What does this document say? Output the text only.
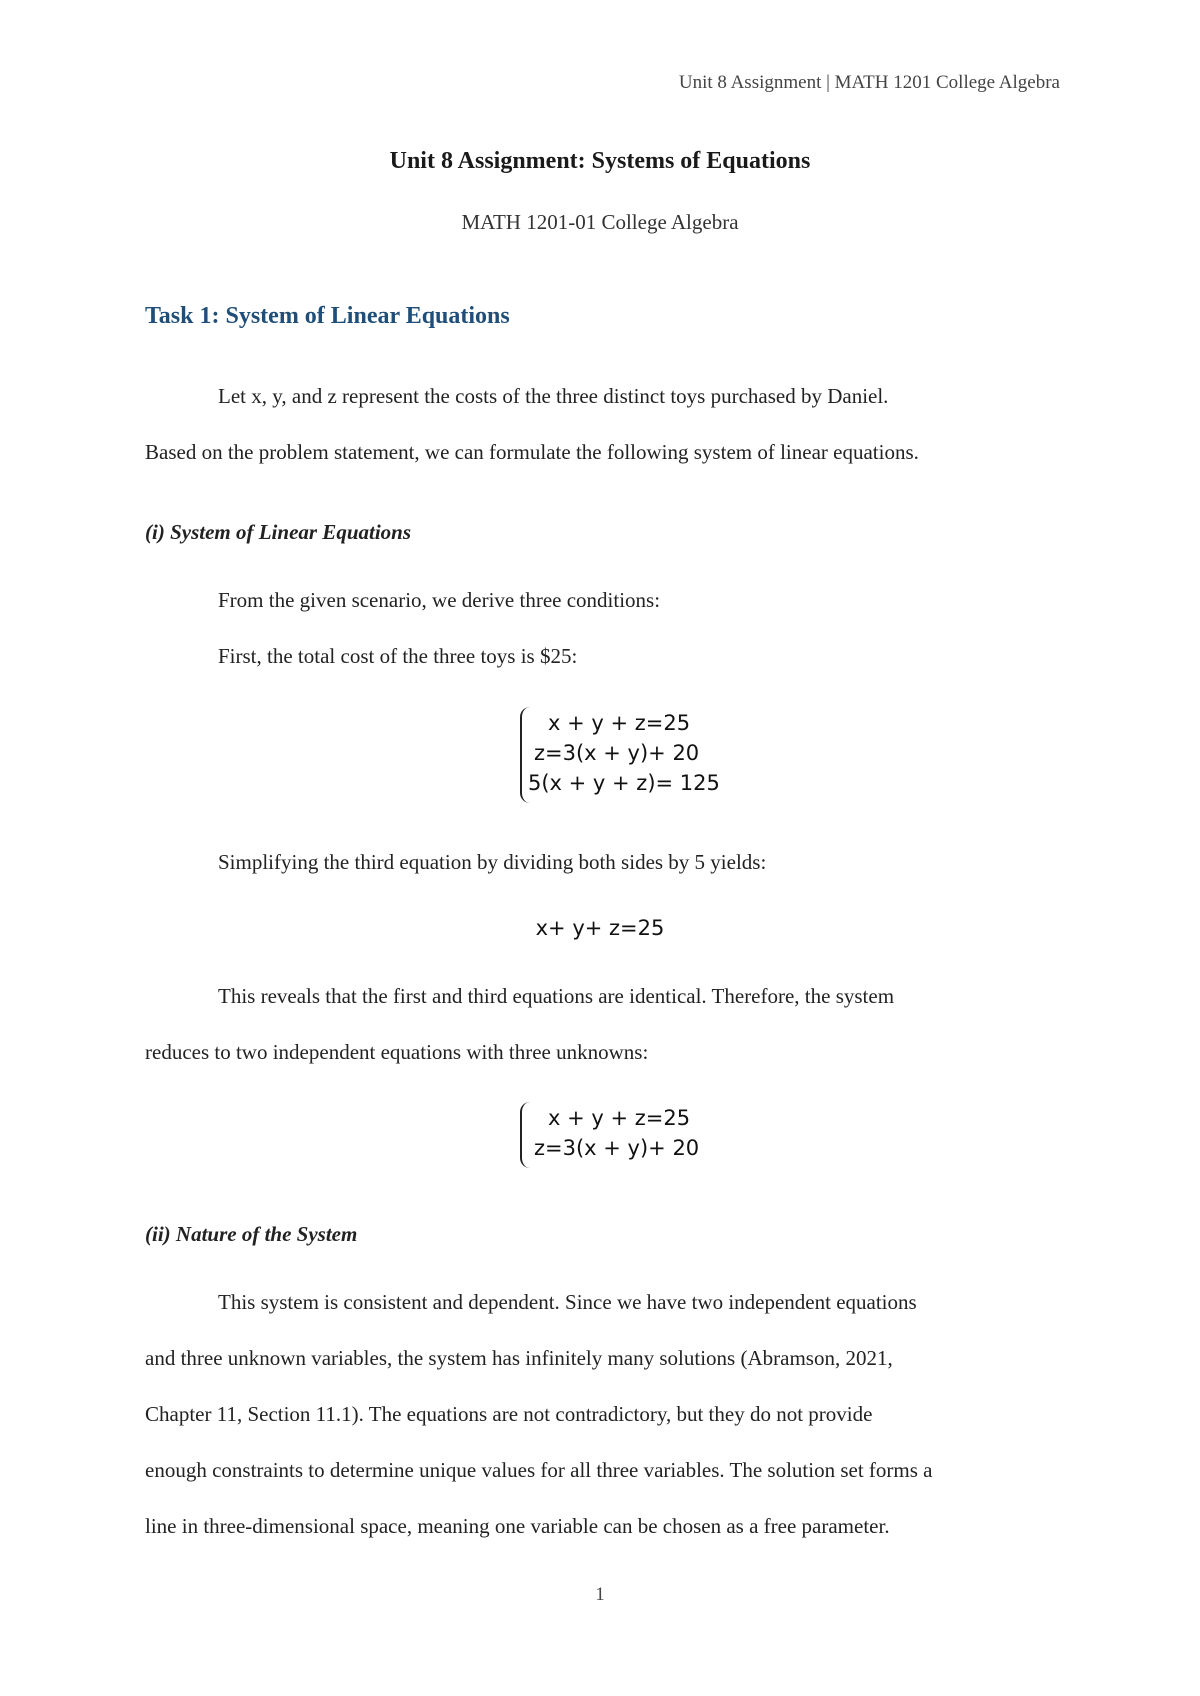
Unit 8 Assignment | MATH 1201 College Algebra
Unit 8 Assignment: Systems of Equations
MATH 1201-01 College Algebra
Task 1: System of Linear Equations
Let x, y, and z represent the costs of the three distinct toys purchased by Daniel.
Based on the problem statement, we can formulate the following system of linear equations.
(i) System of Linear Equations
From the given scenario, we derive three conditions:
First, the total cost of the three toys is $25:
x + y + z=25
z=3(x + y)+ 20
5(x + y + z)= 125
Simplifying the third equation by dividing both sides by 5 yields:
x+ y+ z=25
This reveals that the first and third equations are identical. Therefore, the system
reduces to two independent equations with three unknowns:
x + y + z=25
z=3(x + y)+ 20
(ii) Nature of the System
This system is consistent and dependent. Since we have two independent equations
and three unknown variables, the system has infinitely many solutions (Abramson, 2021,
Chapter 11, Section 11.1). The equations are not contradictory, but they do not provide
enough constraints to determine unique values for all three variables. The solution set forms a
line in three-dimensional space, meaning one variable can be chosen as a free parameter.
1
